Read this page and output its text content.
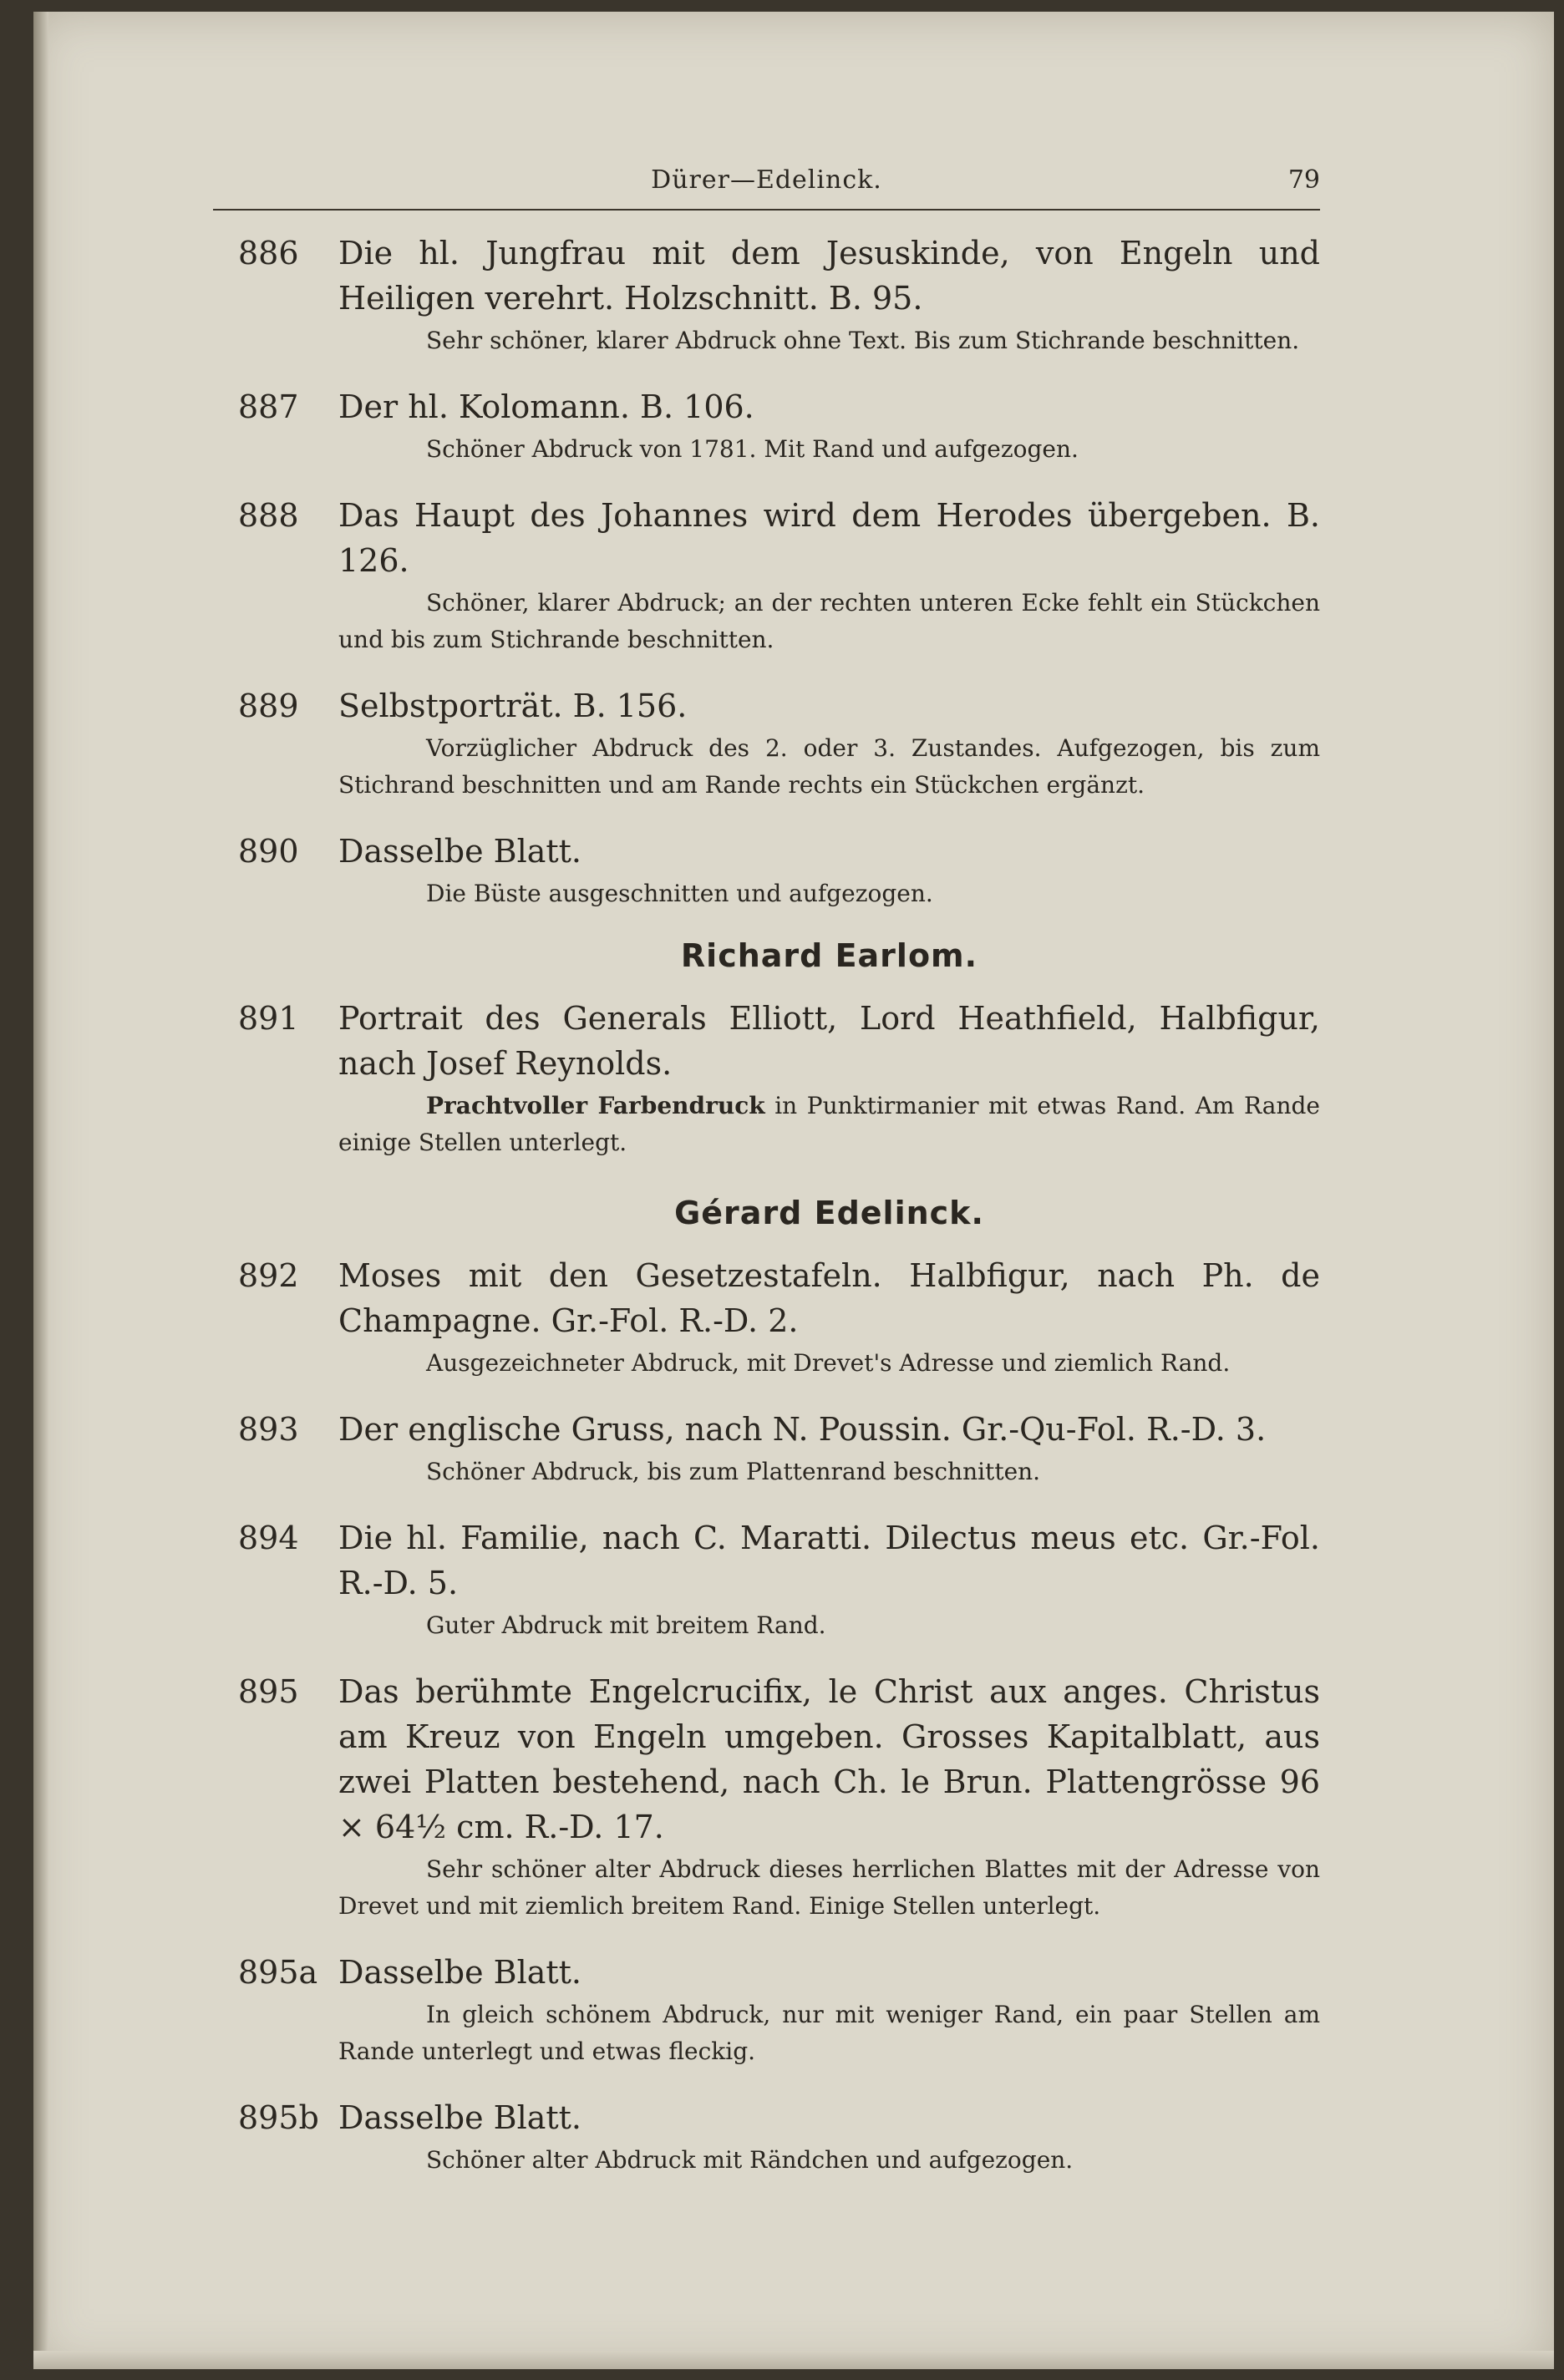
Dürer—Edelinck.	79
886 Die hl. Jungfrau mit dem Jesuskinde, von Engeln und Heiligen verehrt. Holzschnitt. B. 95.
Sehr schöner, klarer Abdruck ohne Text. Bis zum Stichrande beschnitten.
887 Der hl. Kolomann. B. 106.
Schöner Abdruck von 1781. Mit Rand und aufgezogen.
888 Das Haupt des Johannes wird dem Herodes übergeben. B. 126.
Schöner, klarer Abdruck; an der rechten unteren Ecke fehlt ein Stückchen und bis zum Stichrande beschnitten.
889 Selbstporträt. B. 156.
Vorzüglicher Abdruck des 2. oder 3. Zustandes. Aufgezogen, bis zum Stichrand beschnitten und am Rande rechts ein Stückchen ergänzt.
890 Dasselbe Blatt.
Die Büste ausgeschnitten und aufgezogen.
Richard Earlom.
891 Portrait des Generals Elliott, Lord Heathfield, Halbfigur, nach Josef Reynolds.
Prachtvoller Farbendruck in Punktirmanier mit etwas Rand. Am Rande einige Stellen unterlegt.
Gérard Edelinck.
892 Moses mit den Gesetzestafeln. Halbfigur, nach Ph. de Champagne. Gr.-Fol. R.-D. 2.
Ausgezeichneter Abdruck, mit Drevet's Adresse und ziemlich Rand.
893 Der englische Gruss, nach N. Poussin. Gr.-Qu-Fol. R.-D. 3.
Schöner Abdruck, bis zum Plattenrand beschnitten.
894 Die hl. Familie, nach C. Maratti. Dilectus meus etc. Gr.-Fol. R.-D. 5.
Guter Abdruck mit breitem Rand.
895 Das berühmte Engelcrucifix, le Christ aux anges. Christus am Kreuz von Engeln umgeben. Grosses Kapitalblatt, aus zwei Platten bestehend, nach Ch. le Brun. Plattengrösse 96 × 64½ cm. R.-D. 17.
Sehr schöner alter Abdruck dieses herrlichen Blattes mit der Adresse von Drevet und mit ziemlich breitem Rand. Einige Stellen unterlegt.
895a Dasselbe Blatt.
In gleich schönem Abdruck, nur mit weniger Rand, ein paar Stellen am Rande unterlegt und etwas fleckig.
895b Dasselbe Blatt.
Schöner alter Abdruck mit Rändchen und aufgezogen.
